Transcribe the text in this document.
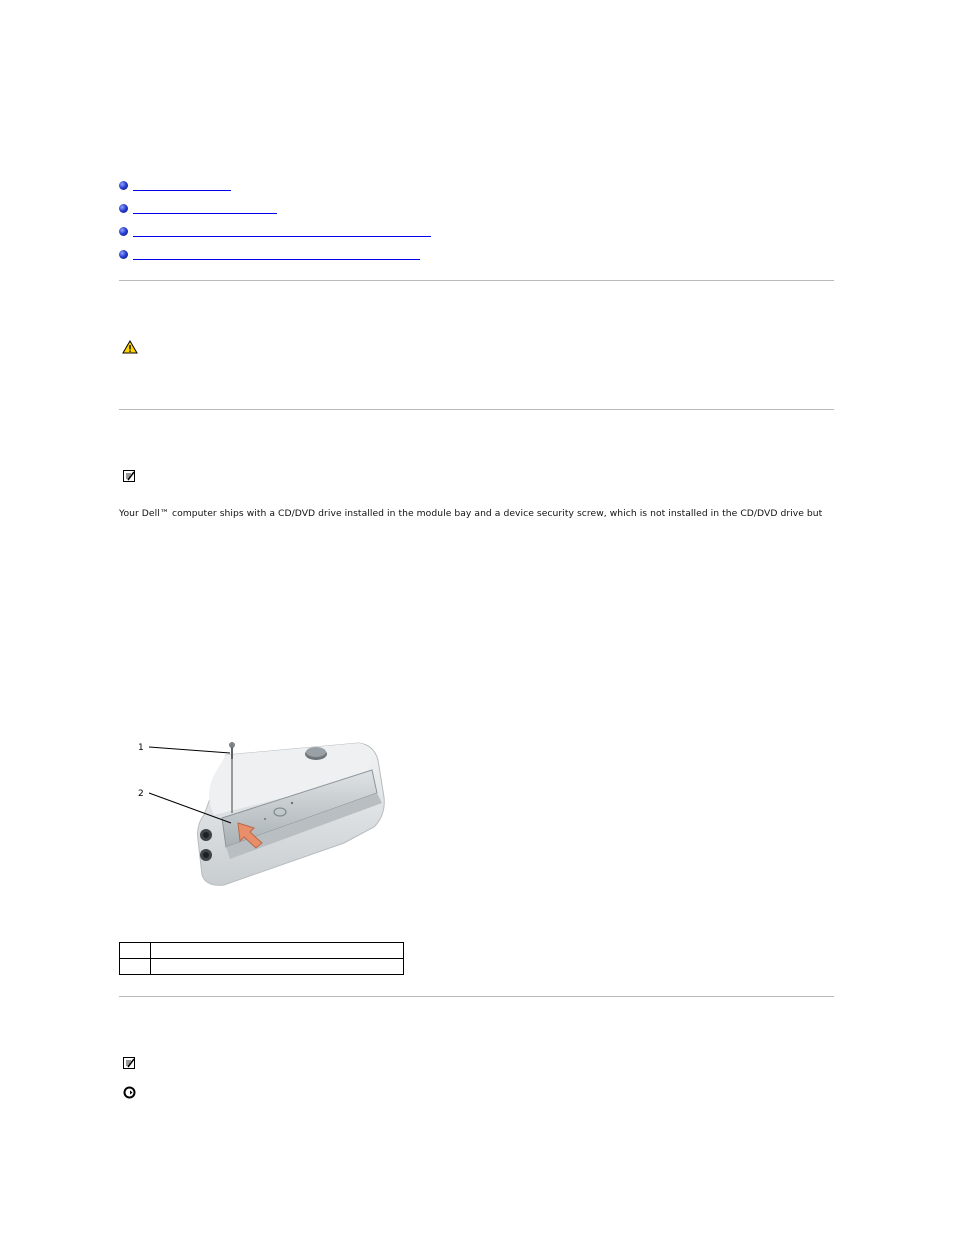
Your Dell™ computer ships with a CD/DVD drive installed in the module bay and a device security screw, which is not installed in the CD/DVD drive but
1
2
